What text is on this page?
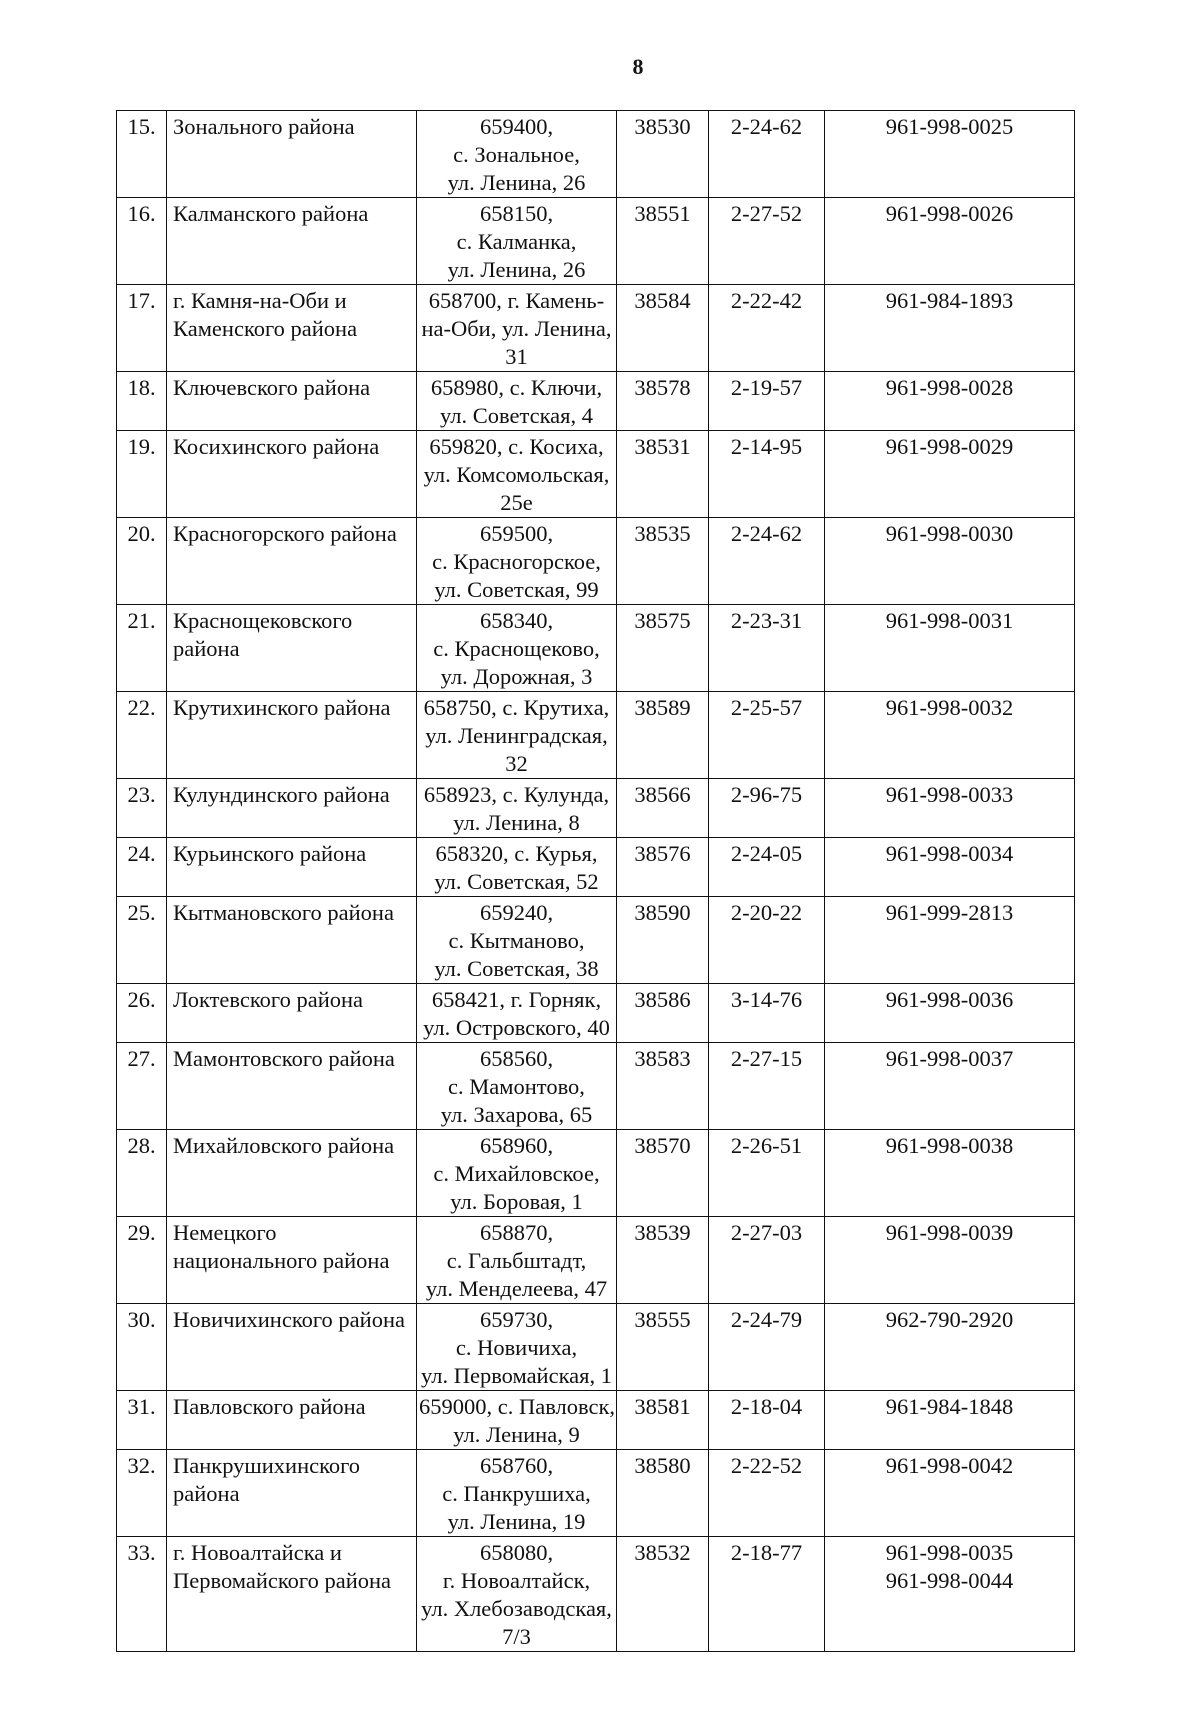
8
15.	Зонального района	659400,
с. Зональное,
ул. Ленина, 26	38530	2-24-62	961-998-0025

16.	Калманского района	658150,
с. Калманка,
ул. Ленина, 26	38551	2-27-52	961-998-0026

17.	г. Камня-на-Оби и
Каменского района	658700, г. Камень-
на-Оби, ул. Ленина,
31	38584	2-22-42	961-984-1893

18.	Ключевского района	658980, с. Ключи,
ул. Советская, 4	38578	2-19-57	961-998-0028

19.	Косихинского района	659820, с. Косиха,
ул. Комсомольская,
25е	38531	2-14-95	961-998-0029

20.	Красногорского района	659500,
с. Красногорское,
ул. Советская, 99	38535	2-24-62	961-998-0030

21.	Краснощековского
района	658340,
с. Краснощеково,
ул. Дорожная, 3	38575	2-23-31	961-998-0031

22.	Крутихинского района	658750, с. Крутиха,
ул. Ленинградская,
32	38589	2-25-57	961-998-0032

23.	Кулундинского района	658923, с. Кулунда,
ул. Ленина, 8	38566	2-96-75	961-998-0033

24.	Курьинского района	658320, с. Курья,
ул. Советская, 52	38576	2-24-05	961-998-0034

25.	Кытмановского района	659240,
с. Кытманово,
ул. Советская, 38	38590	2-20-22	961-999-2813

26.	Локтевского района	658421, г. Горняк,
ул. Островского, 40	38586	3-14-76	961-998-0036

27.	Мамонтовского района	658560,
с. Мамонтово,
ул. Захарова, 65	38583	2-27-15	961-998-0037

28.	Михайловского района	658960,
с. Михайловское,
ул. Боровая, 1	38570	2-26-51	961-998-0038

29.	Немецкого
национального района	658870,
с. Гальбштадт,
ул. Менделеева, 47	38539	2-27-03	961-998-0039

30.	Новичихинского района	659730,
с. Новичиха,
ул. Первомайская, 1	38555	2-24-79	962-790-2920

31.	Павловского района	659000, с. Павловск,
ул. Ленина, 9	38581	2-18-04	961-984-1848

32.	Панкрушихинского
района	658760,
с. Панкрушиха,
ул. Ленина, 19	38580	2-22-52	961-998-0042

33.	г. Новоалтайска и
Первомайского района	658080,
г. Новоалтайск,
ул. Хлебозаводская,
7/3	38532	2-18-77	961-998-0035
961-998-0044
